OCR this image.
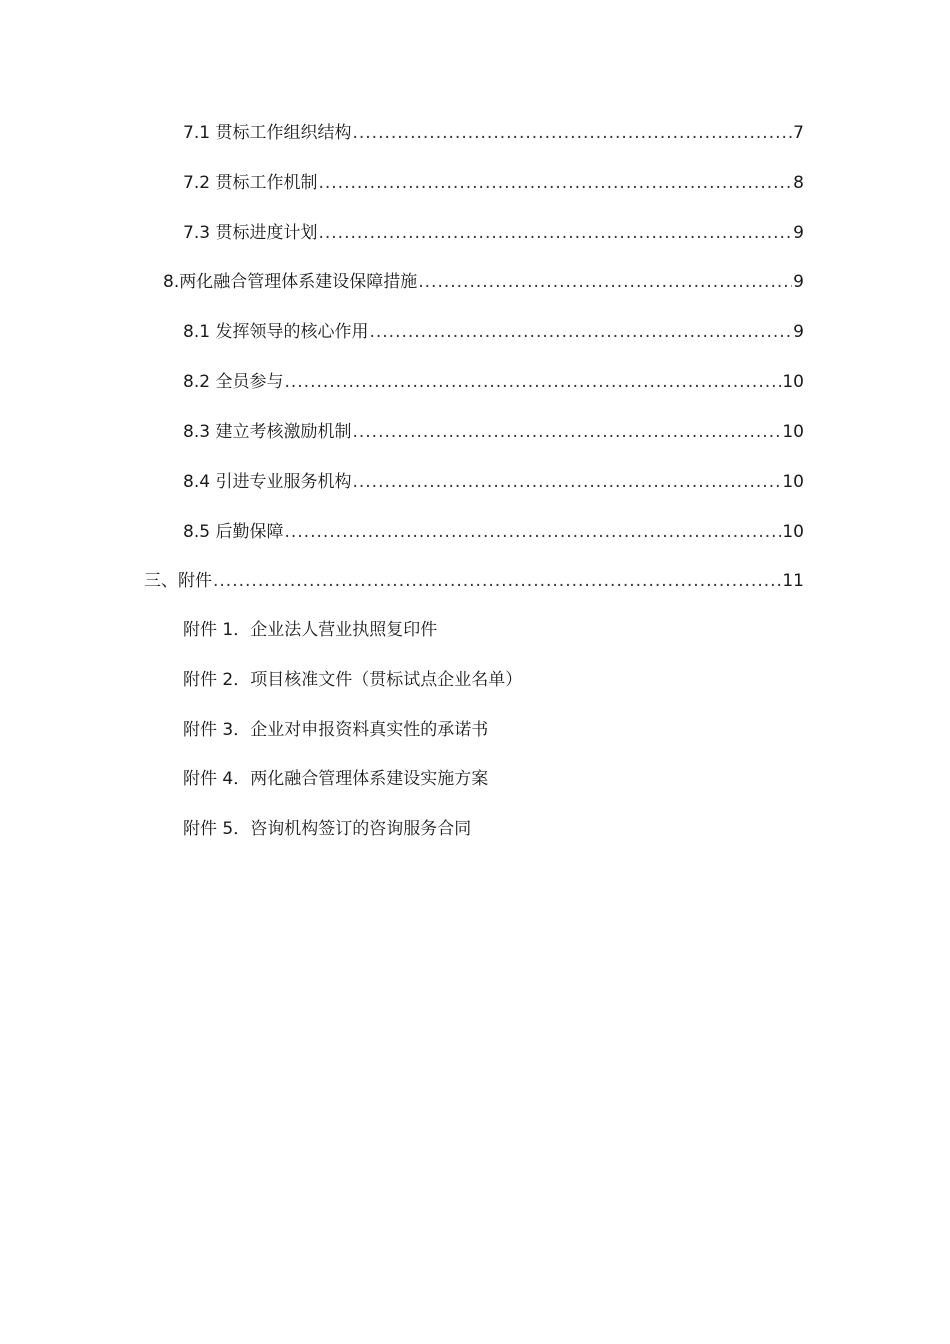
7.1 贯标工作组织结构 .....	7
7.2 贯标工作机制 .....	8
7.3 贯标进度计划 .....	9
8.两化融合管理体系建设保障措施 .....	9
8.1 发挥领导的核心作用 .....	9
8.2 全员参与 .....	10
8.3 建立考核激励机制 .....	10
8.4 引进专业服务机构 .....	10
8.5 后勤保障 .....	10
三、附件 .....	11
附件 1．企业法人营业执照复印件
附件 2．项目核准文件（贯标试点企业名单）
附件 3．企业对申报资料真实性的承诺书
附件 4．两化融合管理体系建设实施方案
附件 5．咨询机构签订的咨询服务合同
